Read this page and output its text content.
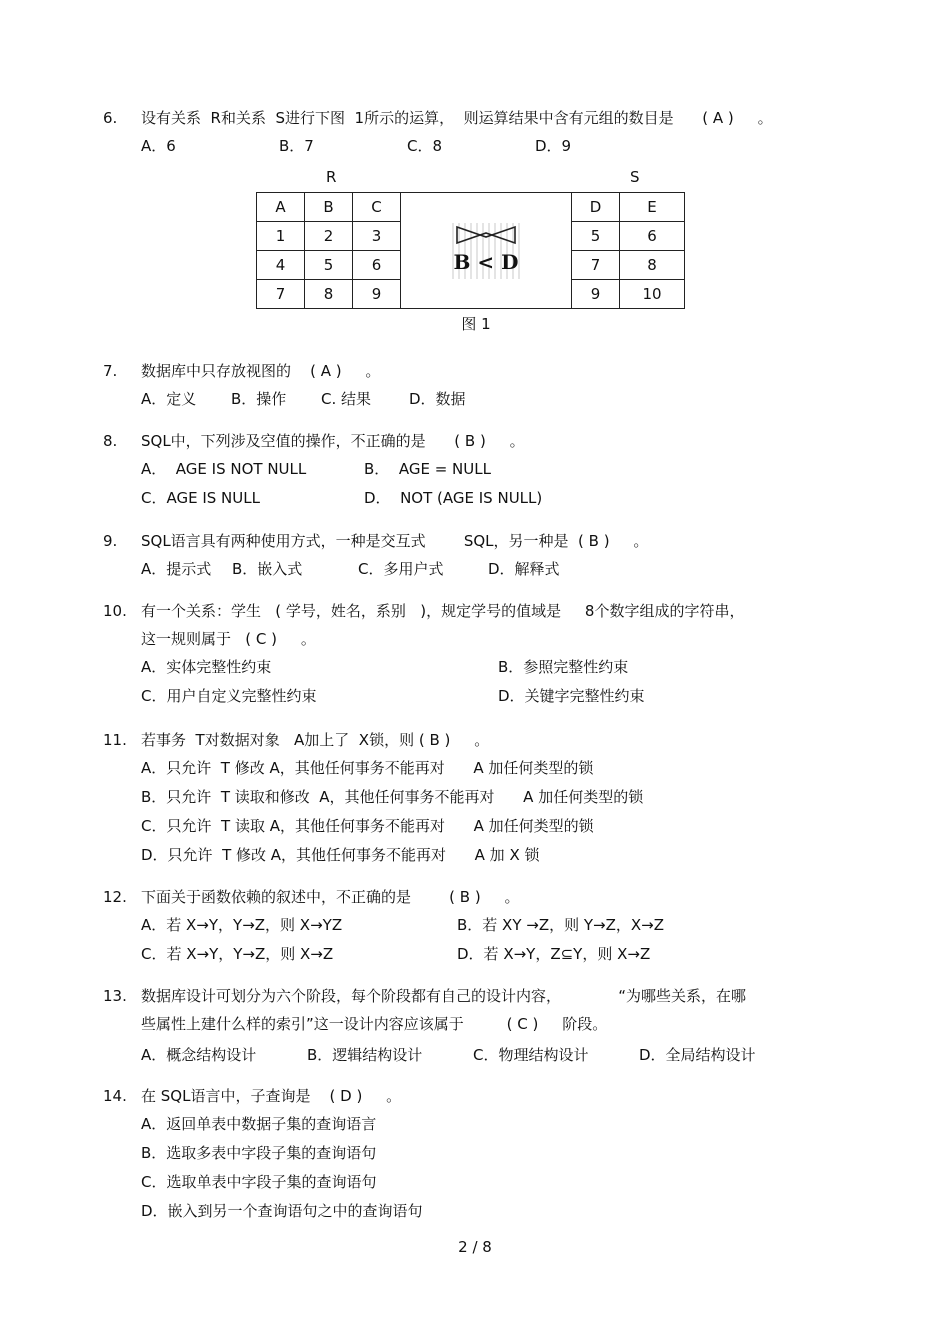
6.	设有关系  R和关系  S进行下图  1所示的运算，  则运算结果中含有元组的数目是      ( A )     。
A．6	B．7	C．8	D．9
R	S
A	B	C
1	2	3
4	5	6
7	8	9
B < D
D	E
5	6
7	8
9	10
图 1
7.	数据库中只存放视图的    ( A )     。
A．定义	B．操作	C. 结果	D．数据
8.	SQL中，下列涉及空值的操作，不正确的是      ( B )     。
A．  AGE IS NOT NULL	B．  AGE = NULL
C．AGE IS NULL	D．  NOT (AGE IS NULL)
9.	SQL语言具有两种使用方式，一种是交互式        SQL，另一种是  ( B )     。
A．提示式	B．嵌入式	C．多用户式	D．解释式
10. 有一个关系：学生   ( 学号，姓名，系别   )，规定学号的值域是     8个数字组成的字符串，
这一规则属于   ( C )     。
A．实体完整性约束	B．参照完整性约束
C．用户自定义完整性约束	D．关键字完整性约束
11. 若事务  T对数据对象   A加上了  X锁，则 ( B )     。
A．只允许  T 修改 A，其他任何事务不能再对      A 加任何类型的锁
B．只允许  T 读取和修改  A，其他任何事务不能再对      A 加任何类型的锁
C．只允许  T 读取 A，其他任何事务不能再对      A 加任何类型的锁
D．只允许  T 修改 A，其他任何事务不能再对      A 加 X 锁
12. 下面关于函数依赖的叙述中，不正确的是        ( B )     。
A．若 X→Y，Y→Z，则 X→YZ	B．若 XY →Z，则 Y→Z，X→Z
C．若 X→Y，Y→Z，则 X→Z	D．若 X→Y，Z⊆Y，则 X→Z
13. 数据库设计可划分为六个阶段，每个阶段都有自己的设计内容，            “为哪些关系，在哪
些属性上建什么样的索引”这一设计内容应该属于         ( C )     阶段。
A．概念结构设计	B．逻辑结构设计	C．物理结构设计	D．全局结构设计
14. 在 SQL语言中，子查询是    ( D )     。
A．返回单表中数据子集的查询语言
B．选取多表中字段子集的查询语句
C．选取单表中字段子集的查询语句
D．嵌入到另一个查询语句之中的查询语句
2 / 8
